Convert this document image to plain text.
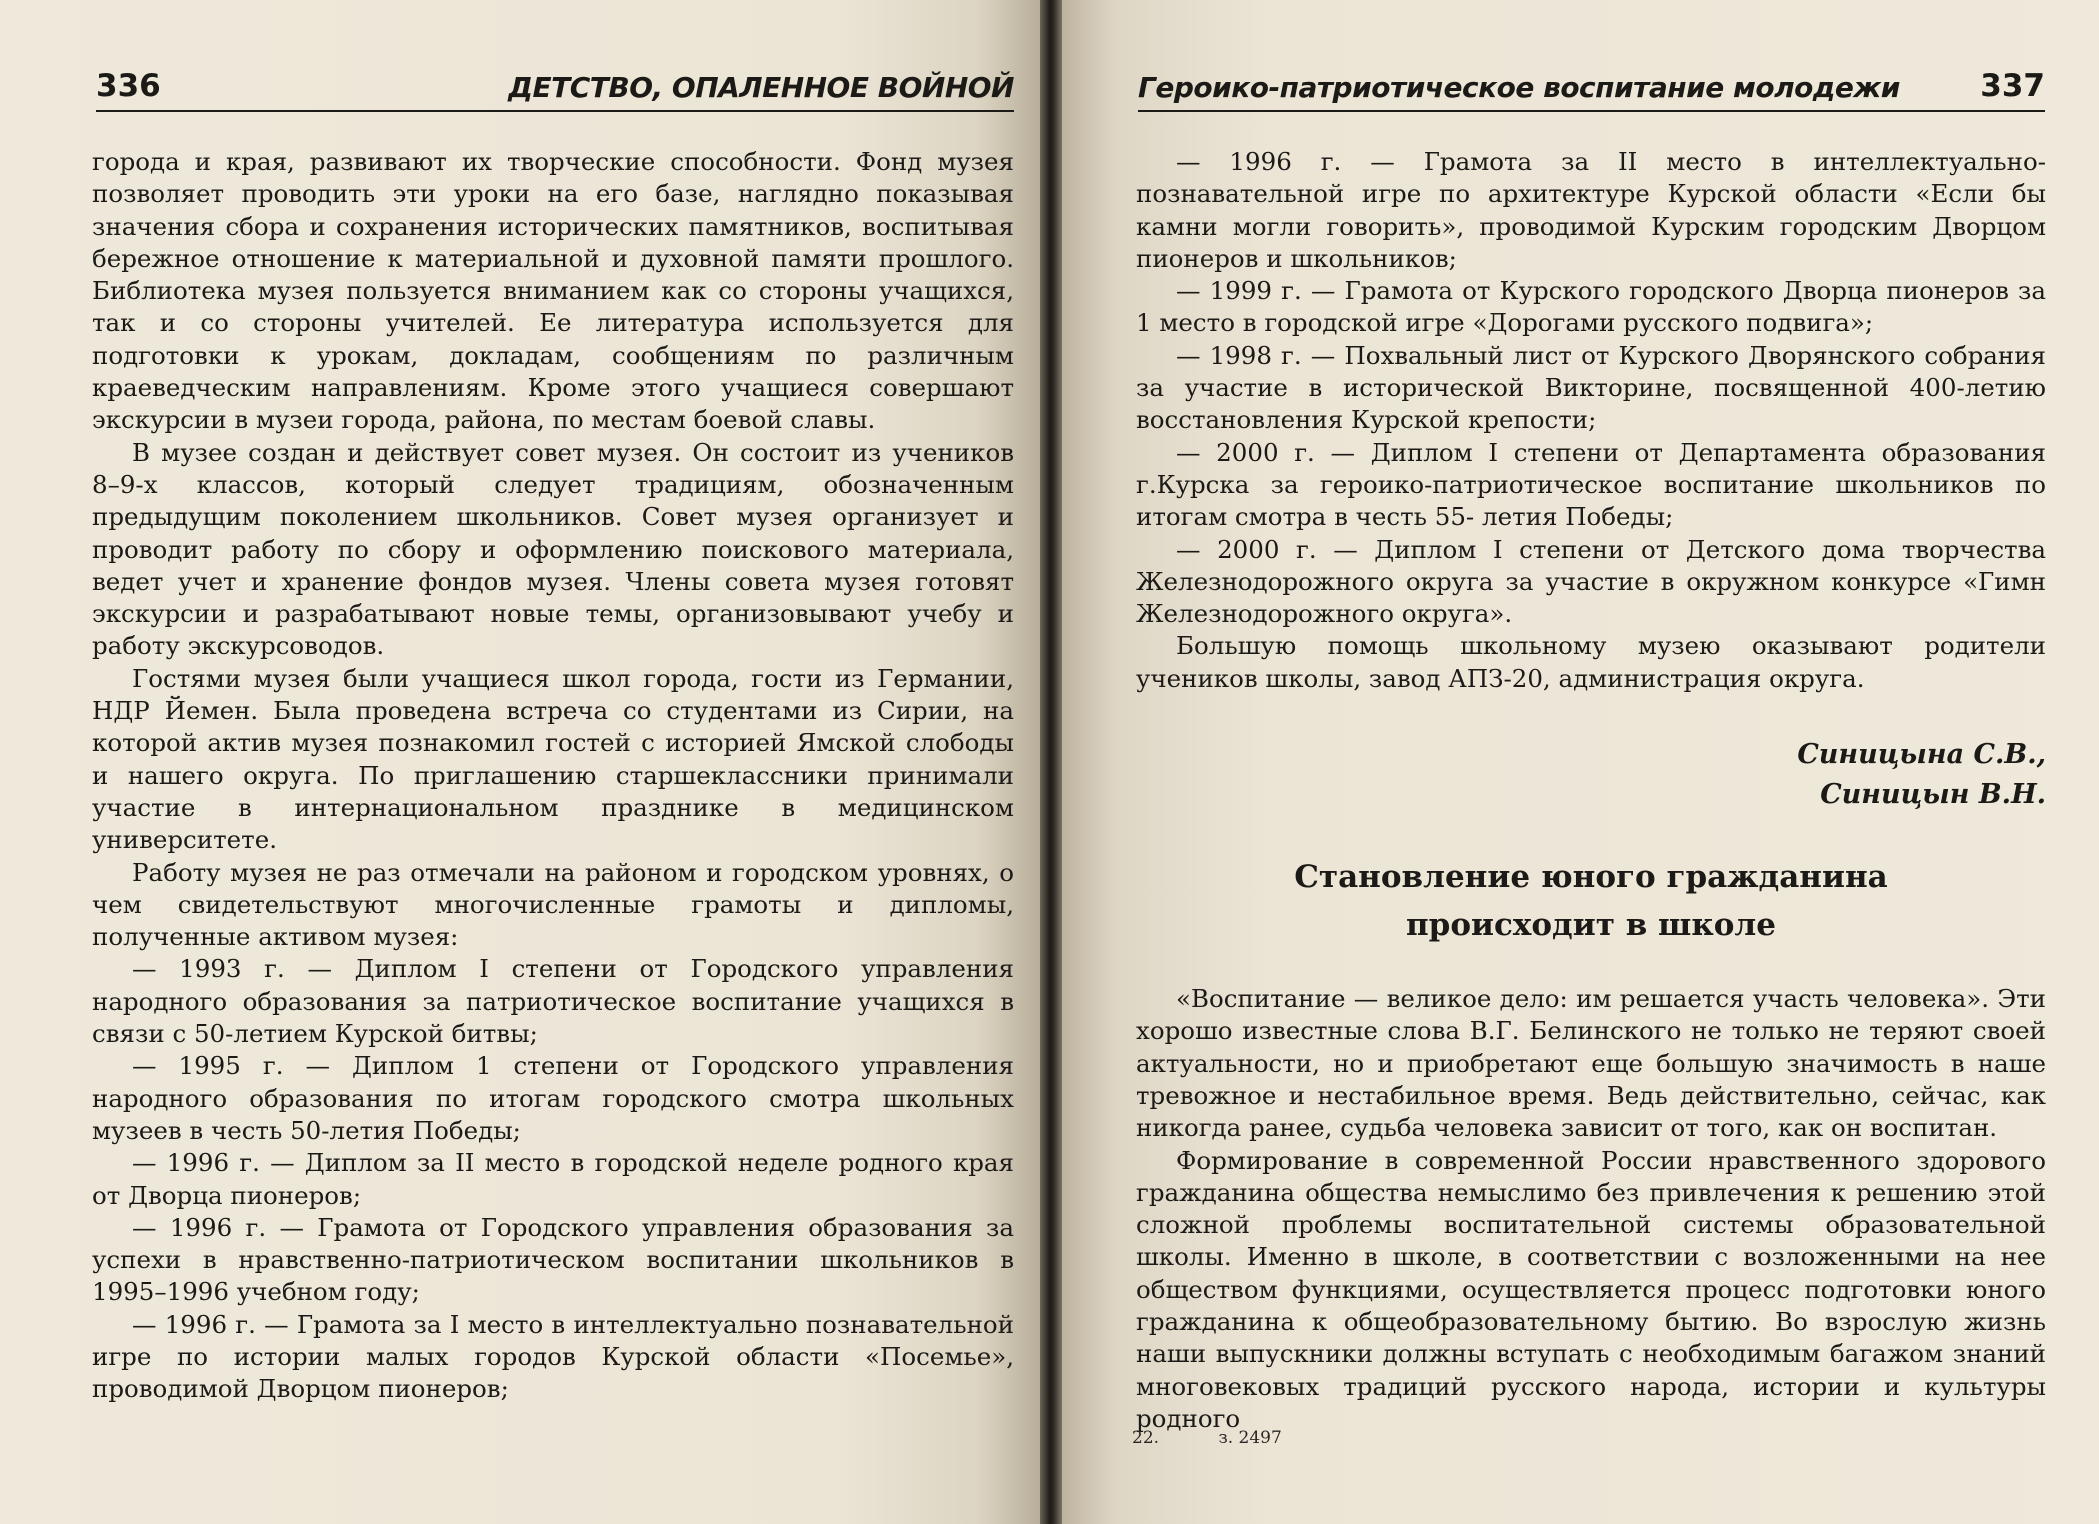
336	ДЕТСТВО, ОПАЛЕННОЕ ВОЙНОЙ

города и края, развивают их творческие способности. Фонд музея позволяет проводить эти уроки на его базе, наглядно показывая значения сбора и сохранения исторических памятников, воспитывая бережное отношение к материальной и духовной памяти прошлого. Библиотека музея пользуется вниманием как со стороны учащихся, так и со стороны учителей. Ее литература используется для подготовки к урокам, докладам, сообщениям по различным краеведческим направлениям. Кроме этого учащиеся совершают экскурсии в музеи города, района, по местам боевой славы.

В музее создан и действует совет музея. Он состоит из учеников 8–9-х классов, который следует традициям, обозначенным предыдущим поколением школьников. Совет музея организует и проводит работу по сбору и оформлению поискового материала, ведет учет и хранение фондов музея. Члены совета музея готовят экскурсии и разрабатывают новые темы, организовывают учебу и работу экскурсоводов.

Гостями музея были учащиеся школ города, гости из Германии, НДР Йемен. Была проведена встреча со студентами из Сирии, на которой актив музея познакомил гостей с историей Ямской слободы и нашего округа. По приглашению старшеклассники принимали участие в интернациональном празднике в медицинском университете.

Работу музея не раз отмечали на районом и городском уровнях, о чем свидетельствуют многочисленные грамоты и дипломы, полученные активом музея:

— 1993 г. — Диплом I степени от Городского управления народного образования за патриотическое воспитание учащихся в связи с 50-летием Курской битвы;

— 1995 г. — Диплом 1 степени от Городского управления народного образования по итогам городского смотра школьных музеев в честь 50-летия Победы;

— 1996 г. — Диплом за II место в городской неделе родного края от Дворца пионеров;

— 1996 г. — Грамота от Городского управления образования за успехи в нравственно-патриотическом воспитании школьников в 1995–1996 учебном году;

— 1996 г. — Грамота за I место в интеллектуально познавательной игре по истории малых городов Курской области «Посемье», проводимой Дворцом пионеров;

Героико-патриотическое воспитание молодежи	337

— 1996 г. — Грамота за II место в интеллектуально-познавательной игре по архитектуре Курской области «Если бы камни могли говорить», проводимой Курским городским Дворцом пионеров и школьников;

— 1999 г. — Грамота от Курского городского Дворца пионеров за 1 место в городской игре «Дорогами русского подвига»;

— 1998 г. — Похвальный лист от Курского Дворянского собрания за участие в исторической Викторине, посвященной 400-летию восстановления Курской крепости;

— 2000 г. — Диплом I степени от Департамента образования г.Курска за героико-патриотическое воспитание школьников по итогам смотра в честь 55- летия Победы;

— 2000 г. — Диплом I степени от Детского дома творчества Железнодорожного округа за участие в окружном конкурсе «Гимн Железнодорожного округа».

Большую помощь школьному музею оказывают родители учеников школы, завод АПЗ-20, администрация округа.

Синицына С.В.,
Синицын В.Н.
Становление юного гражданина
происходит в школе

«Воспитание — великое дело: им решается участь человека». Эти хорошо известные слова В.Г. Белинского не только не теряют своей актуальности, но и приобретают еще большую значимость в наше тревожное и нестабильное время. Ведь действительно, сейчас, как никогда ранее, судьба человека зависит от того, как он воспитан.

Формирование в современной России нравственного здорового гражданина общества немыслимо без привлечения к решению этой сложной проблемы воспитательной системы образовательной школы. Именно в школе, в соответствии с возложенными на нее обществом функциями, осуществляется процесс подготовки юного гражданина к общеобразовательному бытию. Во взрослую жизнь наши выпускники должны вступать с необходимым багажом знаний многовековых традиций русского народа, истории и культуры родного

22.	з. 2497
